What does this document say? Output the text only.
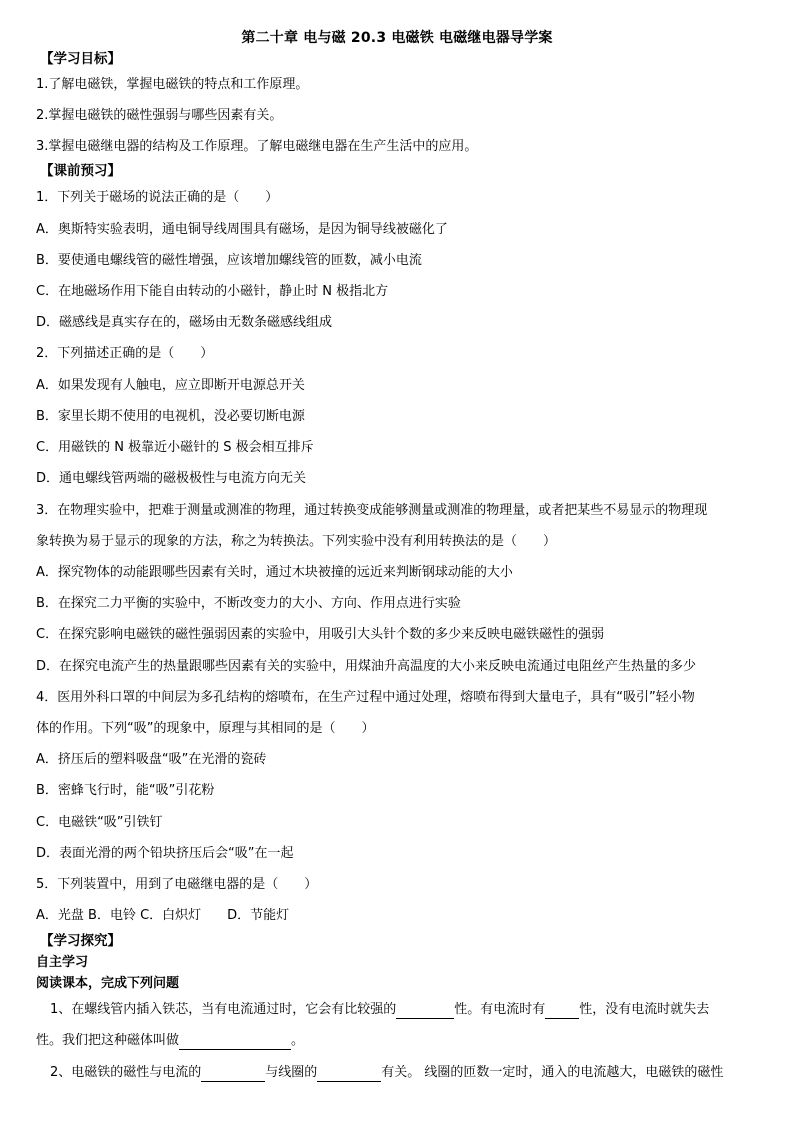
第二十章 电与磁 20.3 电磁铁 电磁继电器导学案
【学习目标】
1.了解电磁铁，掌握电磁铁的特点和工作原理。
2.掌握电磁铁的磁性强弱与哪些因素有关。
3.掌握电磁继电器的结构及工作原理。了解电磁继电器在生产生活中的应用。
【课前预习】
1．下列关于磁场的说法正确的是（　　）
A．奥斯特实验表明，通电铜导线周围具有磁场，是因为铜导线被磁化了
B．要使通电螺线管的磁性增强，应该增加螺线管的匝数，减小电流
C．在地磁场作用下能自由转动的小磁针，静止时 N 极指北方
D．磁感线是真实存在的，磁场由无数条磁感线组成
2．下列描述正确的是（　　）
A．如果发现有人触电，应立即断开电源总开关
B．家里长期不使用的电视机，没必要切断电源
C．用磁铁的 N 极靠近小磁针的 S 极会相互排斥
D．通电螺线管两端的磁极极性与电流方向无关
3．在物理实验中，把难于测量或测准的物理，通过转换变成能够测量或测准的物理量，或者把某些不易显示的物理现
象转换为易于显示的现象的方法，称之为转换法。下列实验中没有利用转换法的是（　　）
A．探究物体的动能跟哪些因素有关时，通过木块被撞的远近来判断钢球动能的大小
B．在探究二力平衡的实验中，不断改变力的大小、方向、作用点进行实验
C．在探究影响电磁铁的磁性强弱因素的实验中，用吸引大头针个数的多少来反映电磁铁磁性的强弱
D．在探究电流产生的热量跟哪些因素有关的实验中，用煤油升高温度的大小来反映电流通过电阻丝产生热量的多少
4．医用外科口罩的中间层为多孔结构的熔喷布，在生产过程中通过处理，熔喷布得到大量电子，具有“吸引”轻小物
体的作用。下列“吸”的现象中，原理与其相同的是（　　）
A．挤压后的塑料吸盘“吸”在光滑的瓷砖
B．密蜂飞行时，能“吸”引花粉
C．电磁铁“吸”引铁钉
D．表面光滑的两个铅块挤压后会“吸”在一起
5．下列装置中，用到了电磁继电器的是（　　）
A．光盘 B．电铃 C．白炽灯　　D．节能灯
【学习探究】
自主学习
阅读课本，完成下列问题
1、在螺线管内插入铁芯，当有电流通过时，它会有比较强的	性。有电流时有	性，没有电流时就失去
性。我们把这种磁体叫做	。
2、电磁铁的磁性与电流的	与线圈的	有关。 线圈的匝数一定时，通入的电流越大，电磁铁的磁性
